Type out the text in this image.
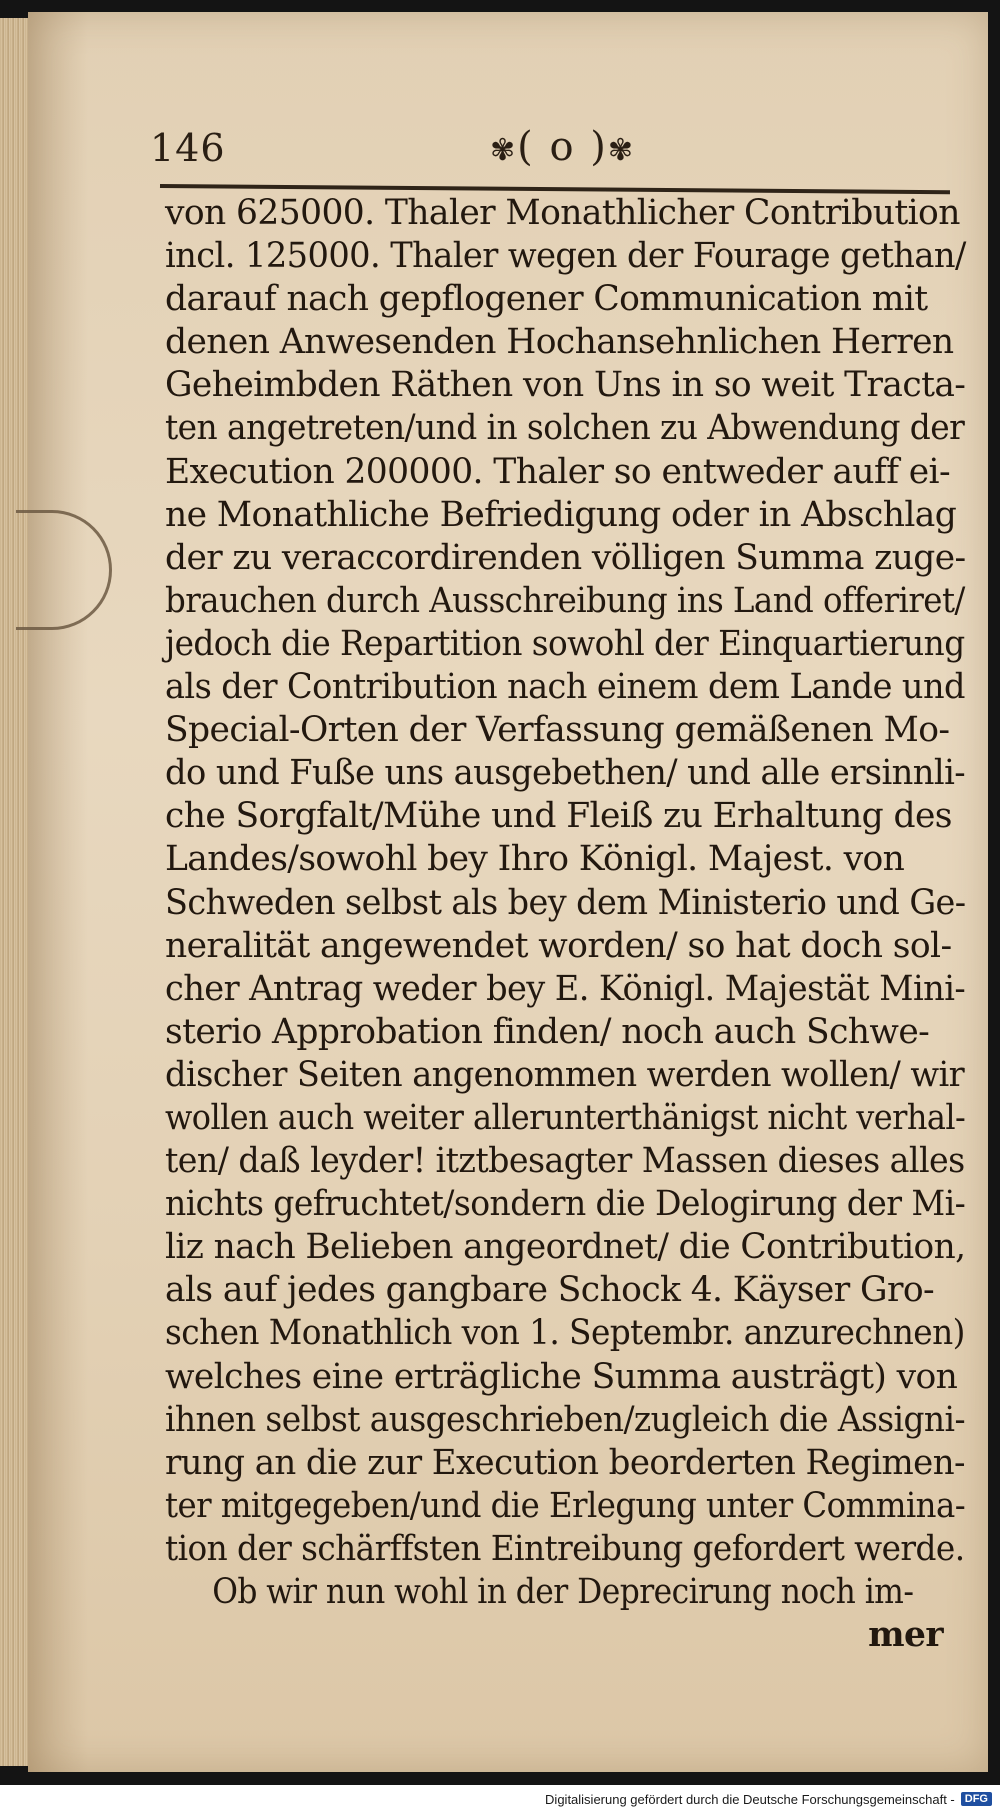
146	✾( o )✾
von 625000. Thaler Monathlicher Contribution
incl. 125000. Thaler wegen der Fourage gethan/
darauf nach gepflogener Communication mit
denen Anwesenden Hochansehnlichen Herren
Geheimbden Räthen von Uns in so weit Tracta-
ten angetreten/und in solchen zu Abwendung der
Execution 200000. Thaler so entweder auff ei-
ne Monathliche Befriedigung oder in Abschlag
der zu veraccordirenden völligen Summa zuge-
brauchen durch Ausschreibung ins Land offeriret/
jedoch die Repartition sowohl der Einquartierung
als der Contribution nach einem dem Lande und
Special-Orten der Verfassung gemäßenen Mo-
do und Fuße uns ausgebethen/ und alle ersinnli-
che Sorgfalt/Mühe und Fleiß zu Erhaltung des
Landes/sowohl bey Ihro Königl. Majest. von
Schweden selbst als bey dem Ministerio und Ge-
neralität angewendet worden/ so hat doch sol-
cher Antrag weder bey E. Königl. Majestät Mini-
sterio Approbation finden/ noch auch Schwe-
discher Seiten angenommen werden wollen/ wir
wollen auch weiter allerunterthänigst nicht verhal-
ten/ daß leyder! itztbesagter Massen dieses alles
nichts gefruchtet/sondern die Delogirung der Mi-
liz nach Belieben angeordnet/ die Contribution,
als auf jedes gangbare Schock 4. Käyser Gro-
schen Monathlich von 1. Septembr. anzurechnen)
welches eine erträgliche Summa austrägt) von
ihnen selbst ausgeschrieben/zugleich die Assigni-
rung an die zur Execution beorderten Regimen-
ter mitgegeben/und die Erlegung unter Commina-
tion der schärffsten Eintreibung gefordert werde.
Ob wir nun wohl in der Deprecirung noch im-
mer
Digitalisierung gefördert durch die Deutsche Forschungsgemeinschaft - DFG
